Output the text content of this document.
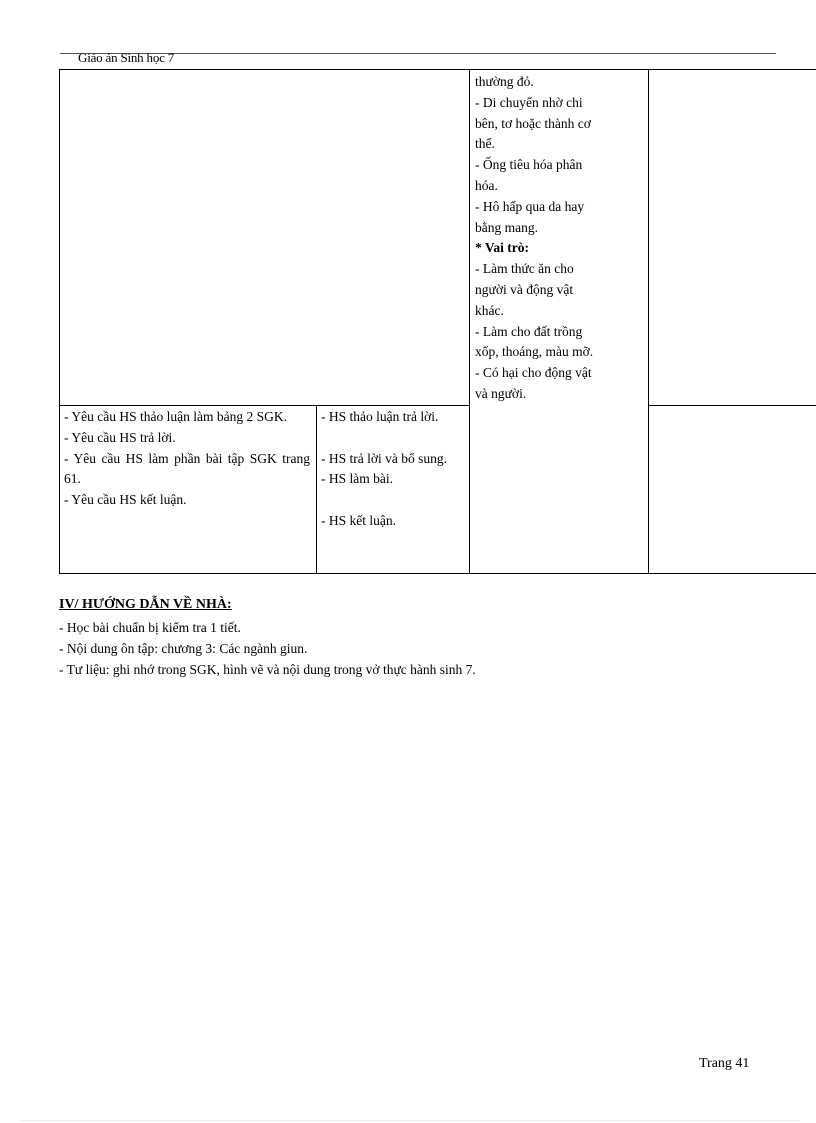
Giáo án Sinh học 7
thường đỏ.
- Di chuyển nhờ chi
bên, tơ hoặc thành cơ
thể.
- Ống tiêu hóa phân
hóa.
- Hô hấp qua da hay
bằng mang.
* Vai trò:
- Làm thức ăn cho
người và động vật
khác.
- Làm cho đất trồng
xốp, thoáng, màu mỡ.
- Có hại cho động vật
và người.
- Yêu cầu HS thảo luận làm bảng 2 SGK.
- Yêu cầu HS trả lời.
- Yêu cầu HS làm phần bài tập SGK trang 61.
- Yêu cầu HS kết luận.
- HS thảo luận trả lời.
- HS trả lời và bổ sung.
- HS làm bài.
- HS kết luận.
IV/ HƯỚNG DẪN VỀ NHÀ:
- Học bài chuẩn bị kiểm tra 1 tiết.
- Nội dung ôn tập: chương 3: Các ngành giun.
- Tư liệu: ghi nhớ trong SGK, hình vẽ và nội dung trong vở thực hành sinh 7.
Trang 41
